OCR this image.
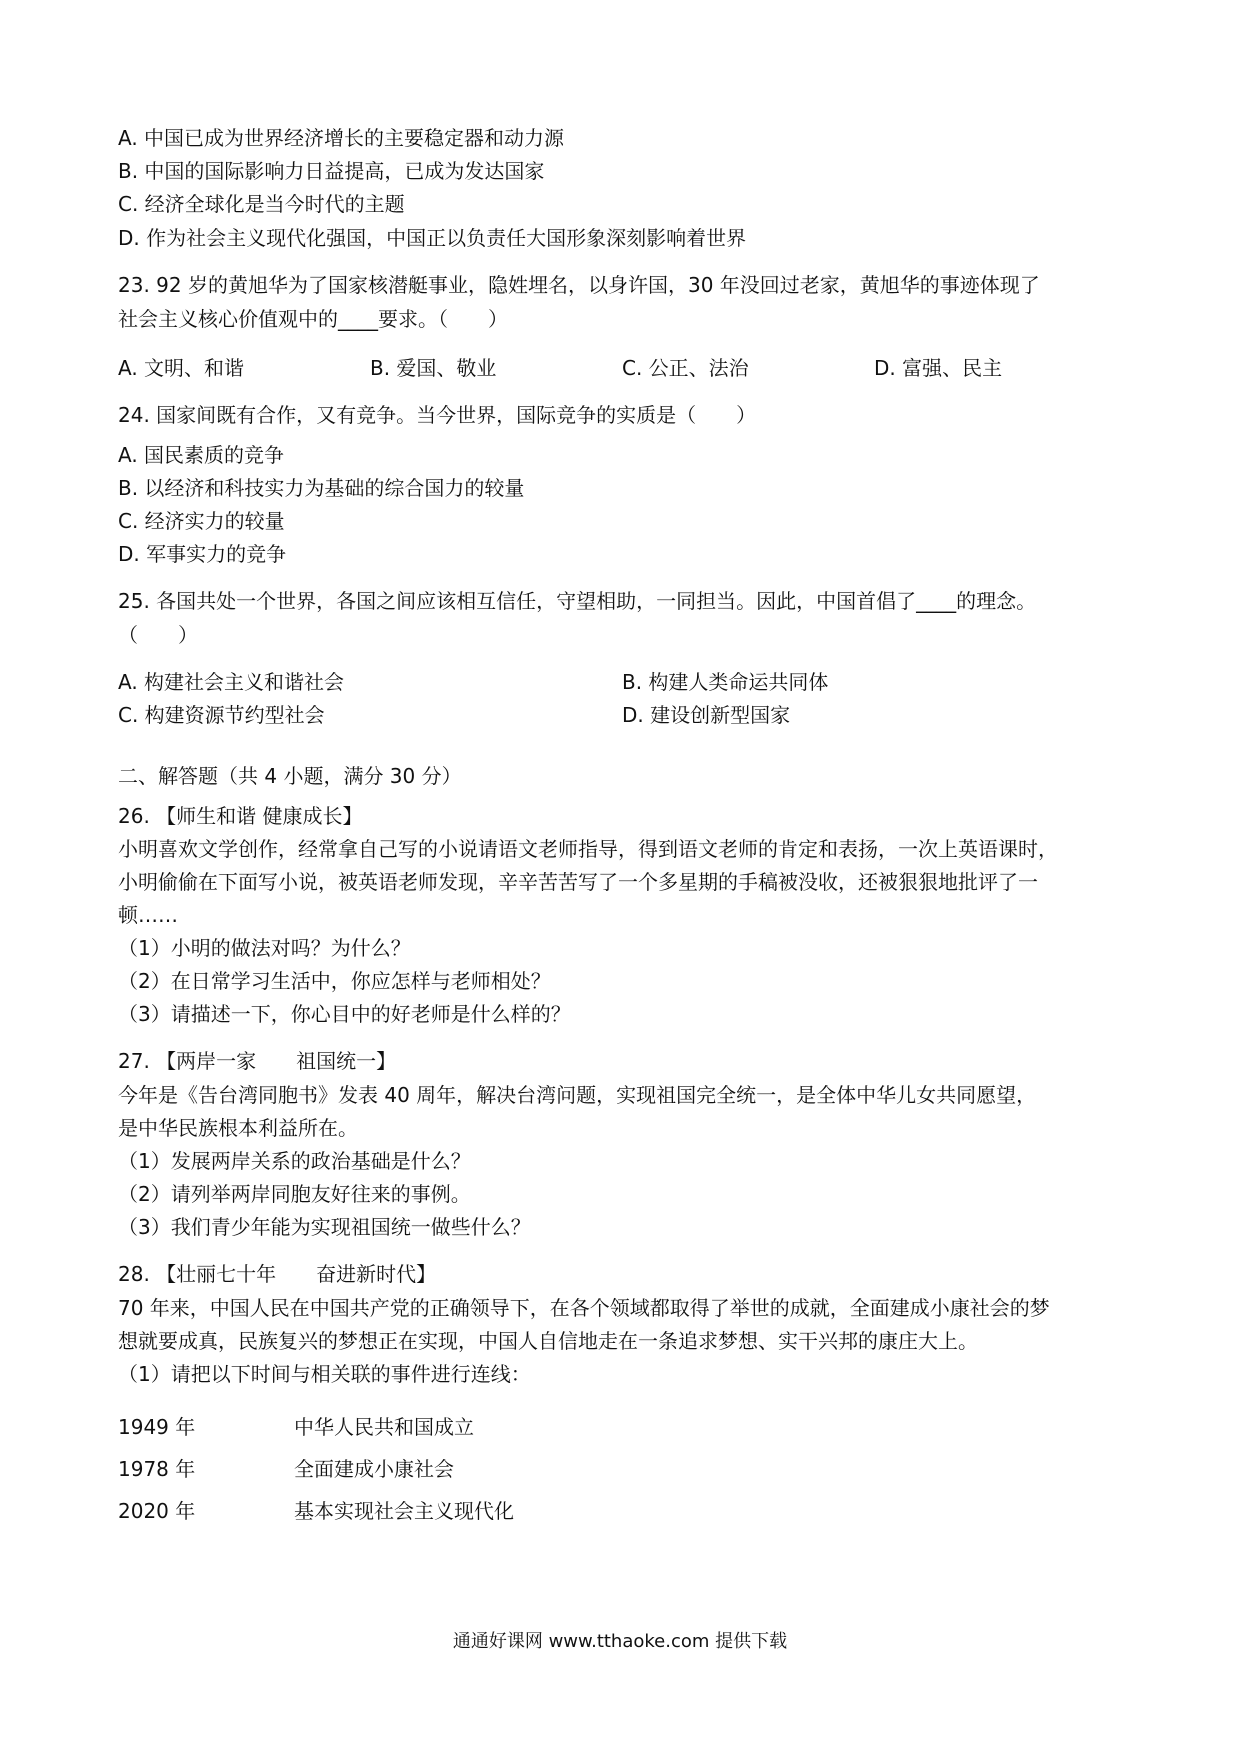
A. 中国已成为世界经济增长的主要稳定器和动力源
B. 中国的国际影响力日益提高，已成为发达国家
C. 经济全球化是当今时代的主题
D. 作为社会主义现代化强国，中国正以负责任大国形象深刻影响着世界
23. 92 岁的黄旭华为了国家核潜艇事业，隐姓埋名，以身许国，30 年没回过老家，黄旭华的事迹体现了
社会主义核心价值观中的____要求。（　　）
A. 文明、和谐	B. 爱国、敬业	C. 公正、法治	D. 富强、民主
24. 国家间既有合作，又有竞争。当今世界，国际竞争的实质是（　　）
A. 国民素质的竞争
B. 以经济和科技实力为基础的综合国力的较量
C. 经济实力的较量
D. 军事实力的竞争
25. 各国共处一个世界，各国之间应该相互信任，守望相助，一同担当。因此，中国首倡了____的理念。
（　　）
A. 构建社会主义和谐社会	B. 构建人类命运共同体
C. 构建资源节约型社会	D. 建设创新型国家
二、解答题（共 4 小题，满分 30 分）
26. 【师生和谐 健康成长】
小明喜欢文学创作，经常拿自己写的小说请语文老师指导，得到语文老师的肯定和表扬，一次上英语课时，
小明偷偷在下面写小说，被英语老师发现，辛辛苦苦写了一个多星期的手稿被没收，还被狠狠地批评了一
顿……
（1）小明的做法对吗？为什么？
（2）在日常学习生活中，你应怎样与老师相处？
（3）请描述一下，你心目中的好老师是什么样的？
27. 【两岸一家　　祖国统一】
今年是《告台湾同胞书》发表 40 周年，解决台湾问题，实现祖国完全统一，是全体中华儿女共同愿望，
是中华民族根本利益所在。
（1）发展两岸关系的政治基础是什么？
（2）请列举两岸同胞友好往来的事例。
（3）我们青少年能为实现祖国统一做些什么？
28. 【壮丽七十年　　奋进新时代】
70 年来，中国人民在中国共产党的正确领导下，在各个领域都取得了举世的成就，全面建成小康社会的梦
想就要成真，民族复兴的梦想正在实现，中国人自信地走在一条追求梦想、实干兴邦的康庄大上。
（1）请把以下时间与相关联的事件进行连线：
1949 年	中华人民共和国成立
1978 年	全面建成小康社会
2020 年	基本实现社会主义现代化
通通好课网 www.tthaoke.com 提供下载
